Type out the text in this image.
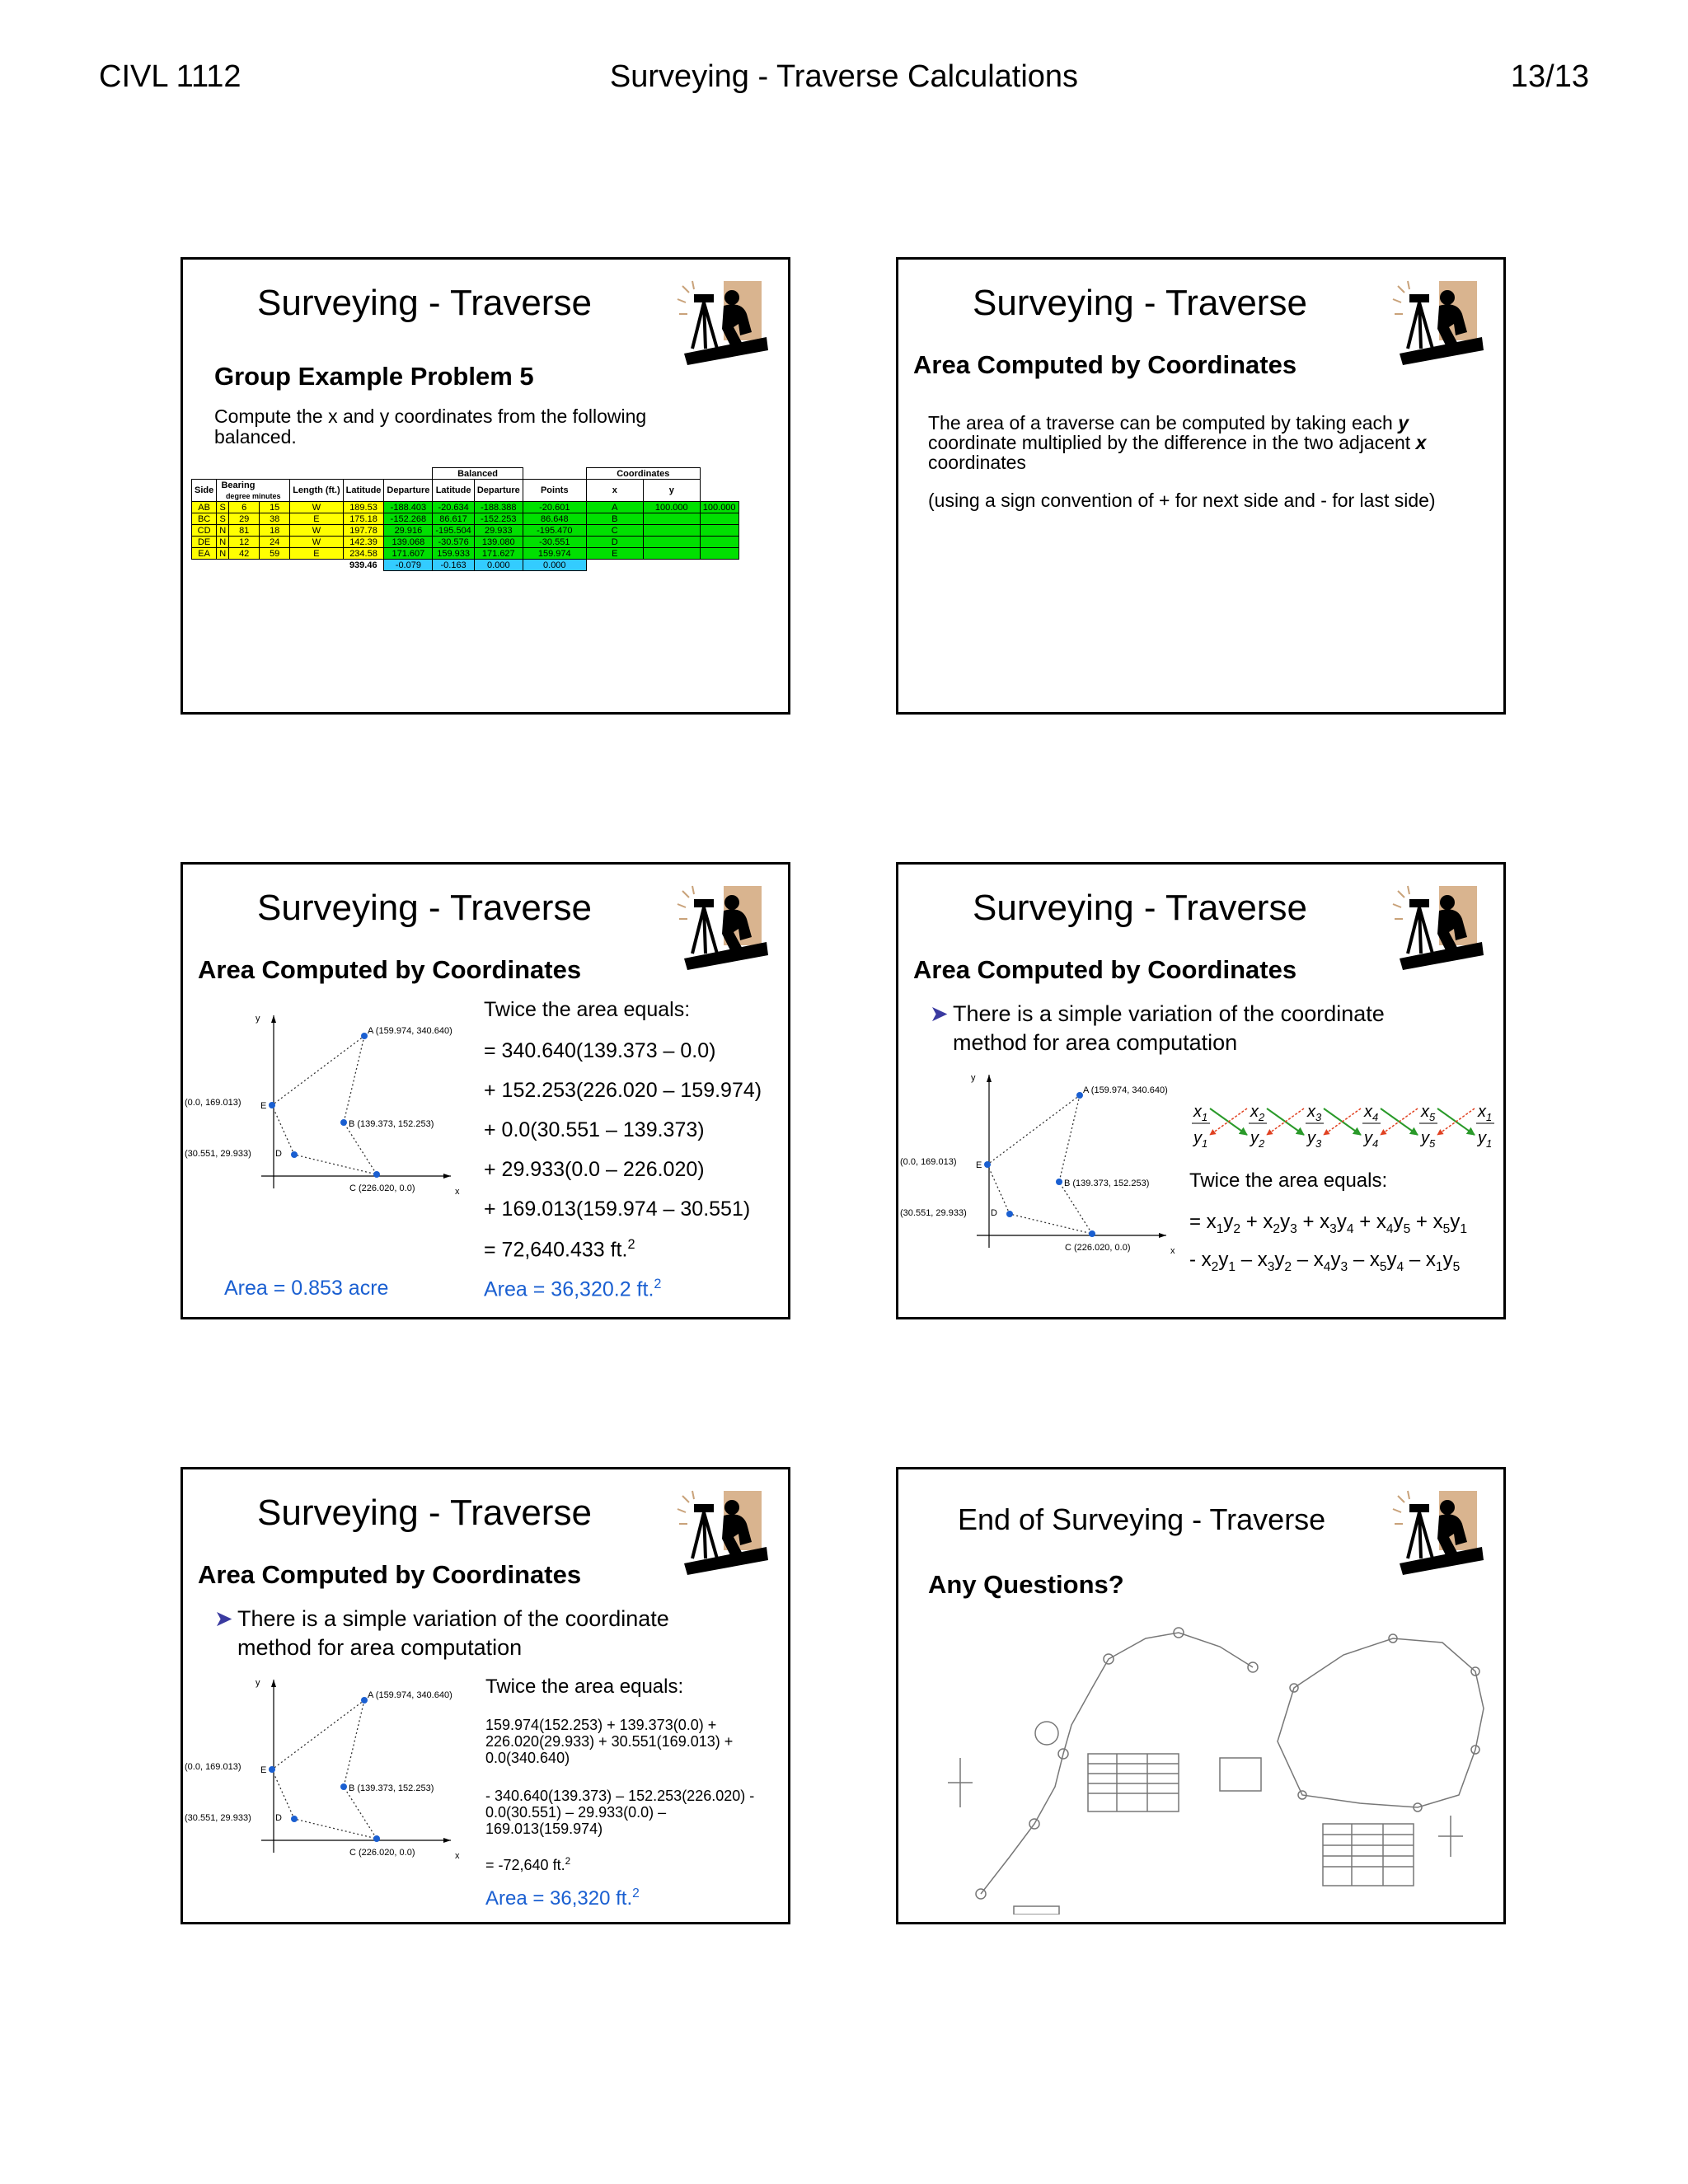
CIVL 1112	Surveying - Traverse Calculations	13/13
Surveying - Traverse
Group Example Problem 5
Compute the x and y coordinates from the following balanced.
							Balanced			Coordinates		
Side	Bearing			Length (ft.)	Latitude	Departure	Latitude	Departure	Points	x	y	
	degree minutes											
AB	S	6	15	W	189.53	-188.403	-20.634	-188.388	-20.601	A	100.000	100.000
BC	S	29	38	E	175.18	-152.268	86.617	-152.253	86.648	B		
CD	N	81	18	W	197.78	29.916	-195.504	29.933	-195.470	C		
DE	N	12	24	W	142.39	139.068	-30.576	139.080	-30.551	D		
EA	N	42	59	E	234.58	171.607	159.933	171.627	159.974	E		
					939.46	-0.079	-0.163	0.000	0.000			
Surveying - Traverse
Area Computed by Coordinates
The area of a traverse can be computed by taking each y coordinate multiplied by the difference in the two adjacent x coordinates
(using a sign convention of + for next side and - for last side)
Surveying - Traverse
Area Computed by Coordinates
y
x
A (159.974, 340.640)
B (139.373, 152.253)
C (226.020, 0.0)
(30.551, 29.933)	D
(0.0, 169.013) E
Twice the area equals:
= 340.640(139.373 – 0.0)
+ 152.253(226.020 – 159.974)
+ 0.0(30.551 – 139.373)
+ 29.933(0.0 – 226.020)
+ 169.013(159.974 – 30.551)
= 72,640.433 ft.$^2$
Area = 0.853 acre	Area = 36,320.2 ft.$^2$
Surveying - Traverse
Area Computed by Coordinates
➤ There is a simple variation of the coordinate method for area computation
y
x
A (159.974, 340.640)
B (139.373, 152.253)
C (226.020, 0.0)
(30.551, 29.933)	D
(0.0, 169.013) E
$x_1$
$y_1$
$x_2$
$y_2$
$x_3$
$y_3$
$x_4$
$y_4$
$x_5$
$y_5$
$x_1$
$y_1$
Twice the area equals:
= $x_1y_2 + x_2y_3 + x_3y_4 + x_4y_5 + x_5y_1$
- $x_2y_1 - x_3y_2 - x_4y_3 - x_5y_4 - x_1y_5$
Surveying - Traverse
Area Computed by Coordinates
➤ There is a simple variation of the coordinate method for area computation
y
x
A (159.974, 340.640)
B (139.373, 152.253)
C (226.020, 0.0)
(30.551, 29.933)	D
(0.0, 169.013) E
Twice the area equals:
159.974(152.253) + 139.373(0.0) + 226.020(29.933) + 30.551(169.013) + 0.0(340.640)
- 340.640(139.373) – 152.253(226.020) - 0.0(30.551) – 29.933(0.0) – 169.013(159.974)
= -72,640 ft.$^2$
Area = 36,320 ft.$^2$
End of Surveying - Traverse
Any Questions?
